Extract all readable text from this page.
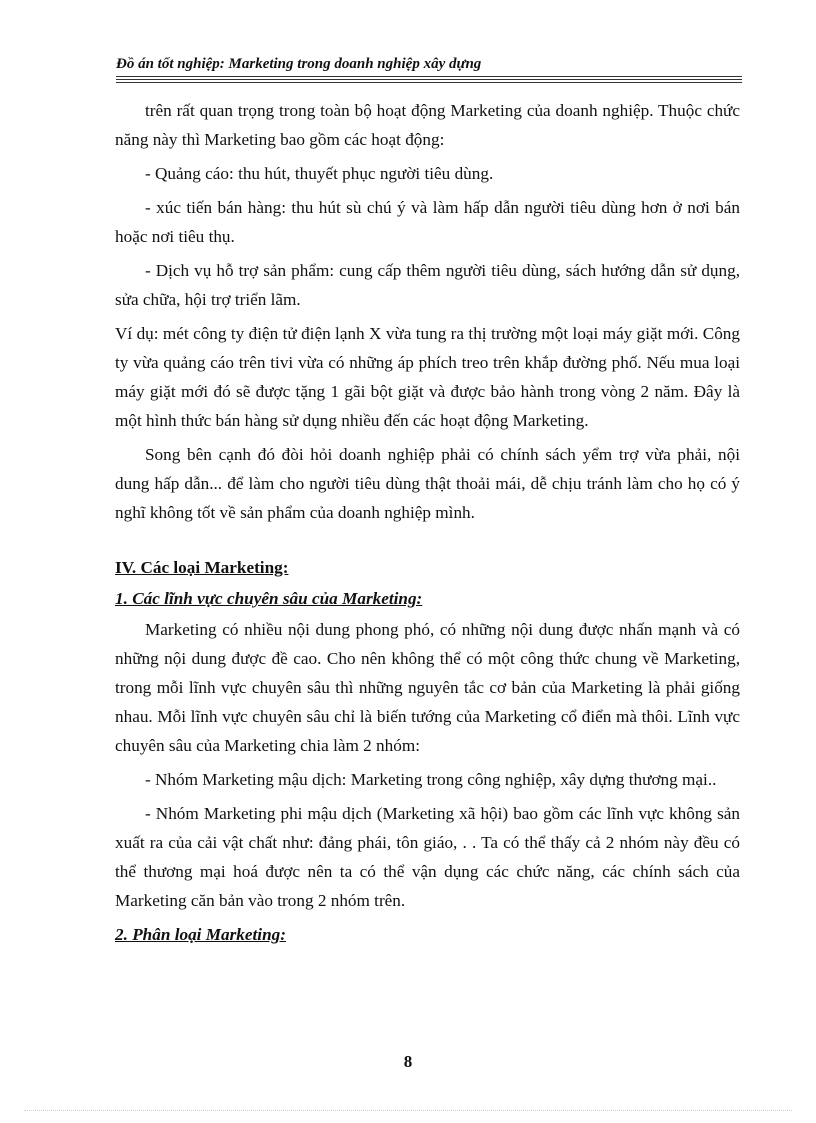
Đồ án tốt nghiệp: Marketing trong doanh nghiệp xây dựng

trên rất quan trọng trong toàn bộ hoạt động Marketing của doanh nghiệp. Thuộc chức năng này thì Marketing bao gồm các hoạt động:

- Quảng cáo: thu hút, thuyết phục người tiêu dùng.

- xúc tiến bán hàng: thu hút sù chú ý và làm hấp dẫn người tiêu dùng hơn ở nơi bán hoặc nơi tiêu thụ.

- Dịch vụ hỗ trợ sản phẩm: cung cấp thêm người tiêu dùng, sách hướng dẫn sử dụng, sửa chữa, hội trợ triển lãm.

Ví dụ: mét công ty điện tử điện lạnh X vừa tung ra thị trường một loại máy giặt mới. Công ty vừa quảng cáo trên tivi vừa có những áp phích treo trên khắp đường phố. Nếu mua loại máy giặt mới đó sẽ được tặng 1 gãi bột giặt và được bảo hành trong vòng 2 năm. Đây là một hình thức bán hàng sử dụng nhiều đến các hoạt động Marketing.

Song bên cạnh đó đòi hỏi doanh nghiệp phải có chính sách yểm trợ vừa phải, nội dung hấp dẫn... để làm cho người tiêu dùng thật thoải mái, dễ chịu tránh làm cho họ có ý nghĩ không tốt về sản phẩm của doanh nghiệp mình.

IV. Các loại Marketing:

1. Các lĩnh vực chuyên sâu của Marketing:

Marketing có nhiều nội dung phong phó, có những nội dung được nhấn mạnh và có những nội dung được đề cao. Cho nên không thể có một công thức chung về Marketing, trong mỗi lĩnh vực chuyên sâu thì những nguyên tắc cơ bản của Marketing là phải giống nhau. Mỗi lĩnh vực chuyên sâu chỉ là biến tướng của Marketing cổ điển mà thôi. Lĩnh vực chuyên sâu của Marketing chia làm 2 nhóm:

- Nhóm Marketing mậu dịch: Marketing trong công nghiệp, xây dựng thương mại..

- Nhóm Marketing phi mậu dịch (Marketing xã hội) bao gồm các lĩnh vực không sản xuất ra của cải vật chất như: đảng phái, tôn giáo, . . Ta có thể thấy cả 2 nhóm này đều có thể thương mại hoá được nên ta có thể vận dụng các chức năng, các chính sách của Marketing căn bản vào trong 2 nhóm trên.

2. Phân loại Marketing:

8
